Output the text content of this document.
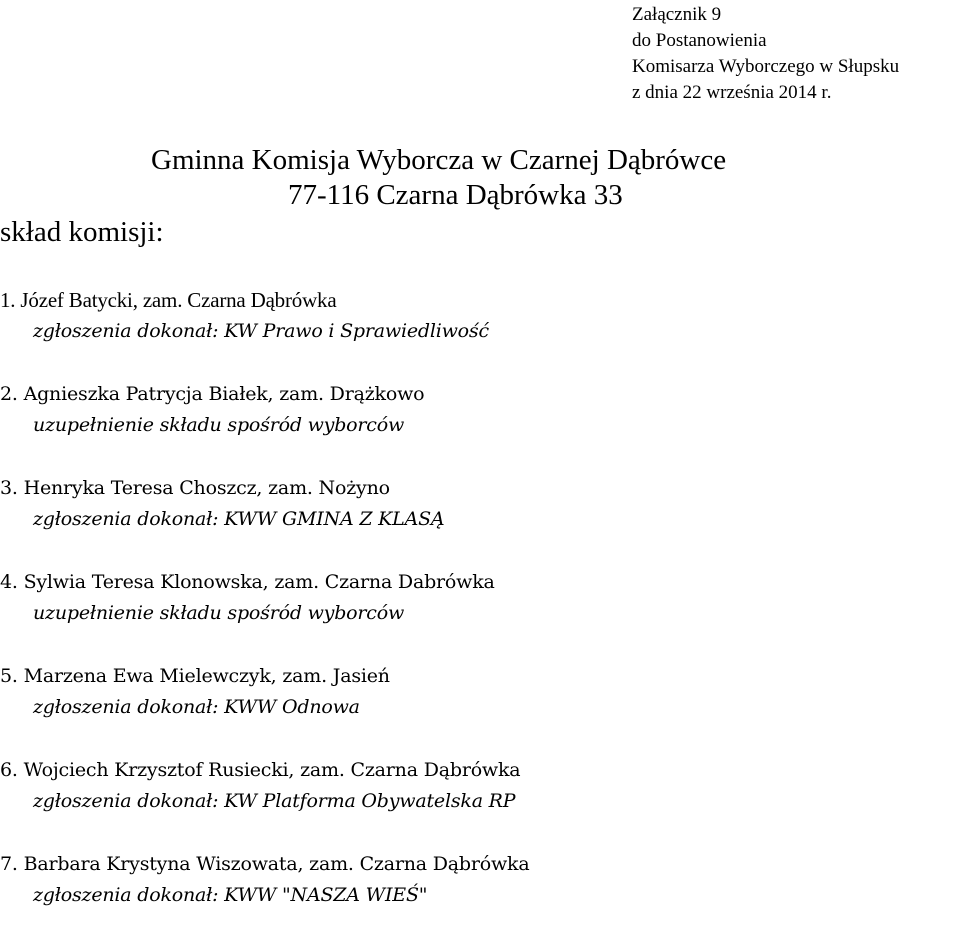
Załącznik 9
do Postanowienia
Komisarza Wyborczego w Słupsku
z dnia 22 września 2014 r.
Gminna Komisja Wyborcza w Czarnej Dąbrówce
77-116 Czarna Dąbrówka 33
skład komisji:
1. Józef Batycki, zam. Czarna Dąbrówka
zgłoszenia dokonał: KW Prawo i Sprawiedliwość
2. Agnieszka Patrycja Białek, zam. Drążkowo
uzupełnienie składu spośród wyborców
3. Henryka Teresa Choszcz, zam. Nożyno
zgłoszenia dokonał: KWW GMINA Z KLASĄ
4. Sylwia Teresa Klonowska, zam. Czarna Dabrówka
uzupełnienie składu spośród wyborców
5. Marzena Ewa Mielewczyk, zam. Jasień
zgłoszenia dokonał: KWW Odnowa
6. Wojciech Krzysztof Rusiecki, zam. Czarna Dąbrówka
zgłoszenia dokonał: KW Platforma Obywatelska RP
7. Barbara Krystyna Wiszowata, zam. Czarna Dąbrówka
zgłoszenia dokonał: KWW "NASZA WIEŚ"
